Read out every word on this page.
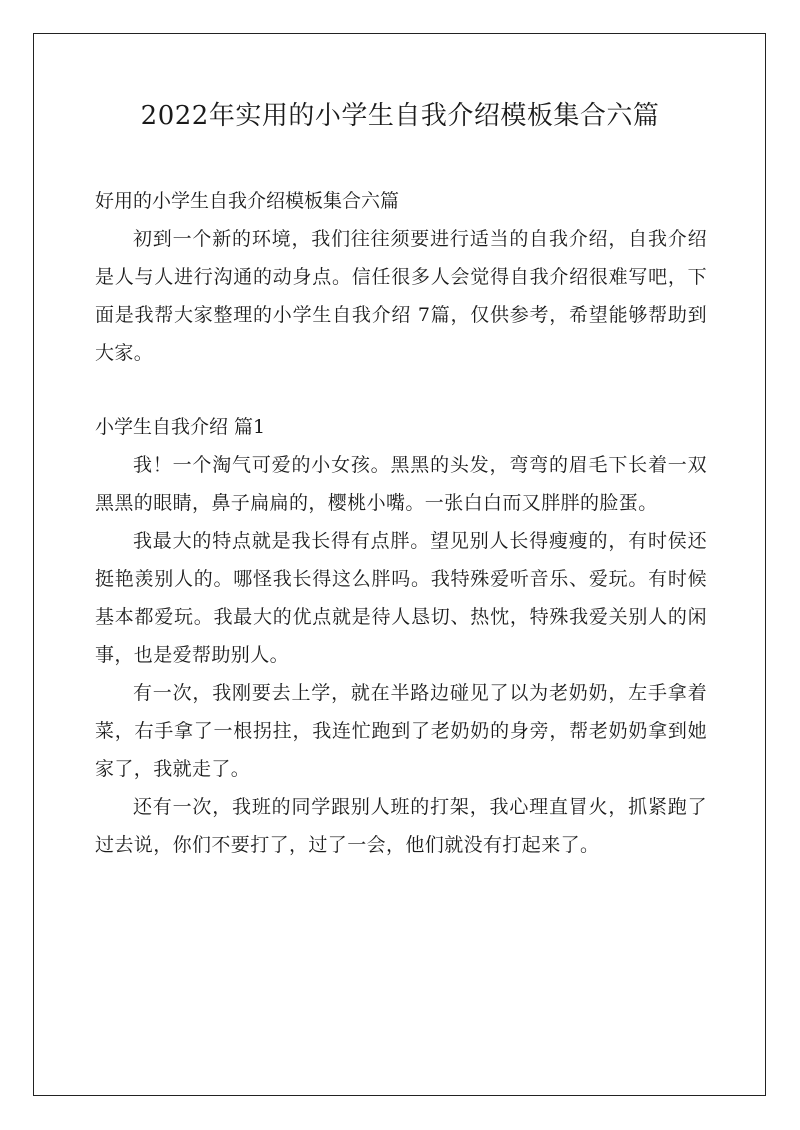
2022年实用的小学生自我介绍模板集合六篇

好用的小学生自我介绍模板集合六篇

初到一个新的环境，我们往往须要进行适当的自我介绍，自我介绍是人与人进行沟通的动身点。信任很多人会觉得自我介绍很难写吧，下面是我帮大家整理的小学生自我介绍 7篇，仅供参考，希望能够帮助到大家。

小学生自我介绍 篇1

我！一个淘气可爱的小女孩。黑黑的头发，弯弯的眉毛下长着一双黑黑的眼睛，鼻子扁扁的，樱桃小嘴。一张白白而又胖胖的脸蛋。

我最大的特点就是我长得有点胖。望见别人长得瘦瘦的，有时侯还挺艳羡别人的。哪怪我长得这么胖吗。我特殊爱听音乐、爱玩。有时候基本都爱玩。我最大的优点就是待人恳切、热忱，特殊我爱关别人的闲事，也是爱帮助别人。

有一次，我刚要去上学，就在半路边碰见了以为老奶奶，左手拿着菜，右手拿了一根拐拄，我连忙跑到了老奶奶的身旁，帮老奶奶拿到她家了，我就走了。

还有一次，我班的同学跟别人班的打架，我心理直冒火，抓紧跑了过去说，你们不要打了，过了一会，他们就没有打起来了。
